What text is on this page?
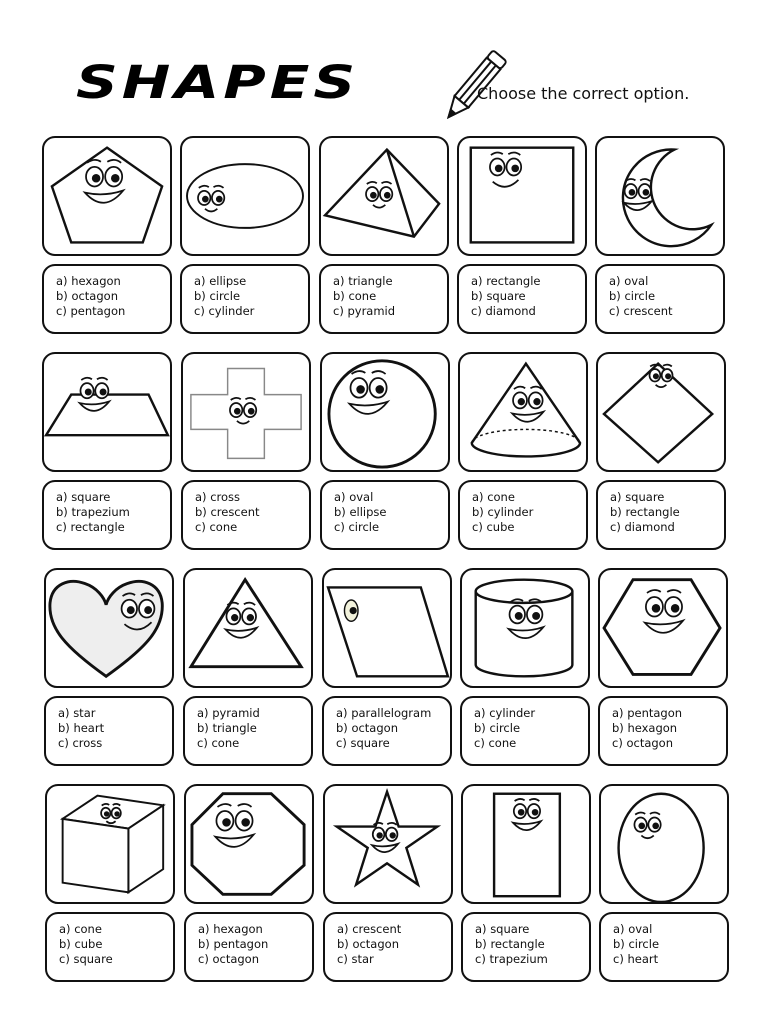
SHAPES	Choose the correct option.
a) hexagon
b) octagon
c) pentagon
a) ellipse
b) circle
c) cylinder
a) triangle
b) cone
c) pyramid
a) rectangle
b) square
c) diamond
a) oval
b) circle
c) crescent
a) square
b) trapezium
c) rectangle
a) cross
b) crescent
c) cone
a) oval
b) ellipse
c) circle
a) cone
b) cylinder
c) cube
a) square
b) rectangle
c) diamond
a) star
b) heart
c) cross
a) pyramid
b) triangle
c) cone
a) parallelogram
b) octagon
c) square
a) cylinder
b) circle
c) cone
a) pentagon
b) hexagon
c) octagon
a) cone
b) cube
c) square
a) hexagon
b) pentagon
c) octagon
a) crescent
b) octagon
c) star
a) square
b) rectangle
c) trapezium
a) oval
b) circle
c) heart
